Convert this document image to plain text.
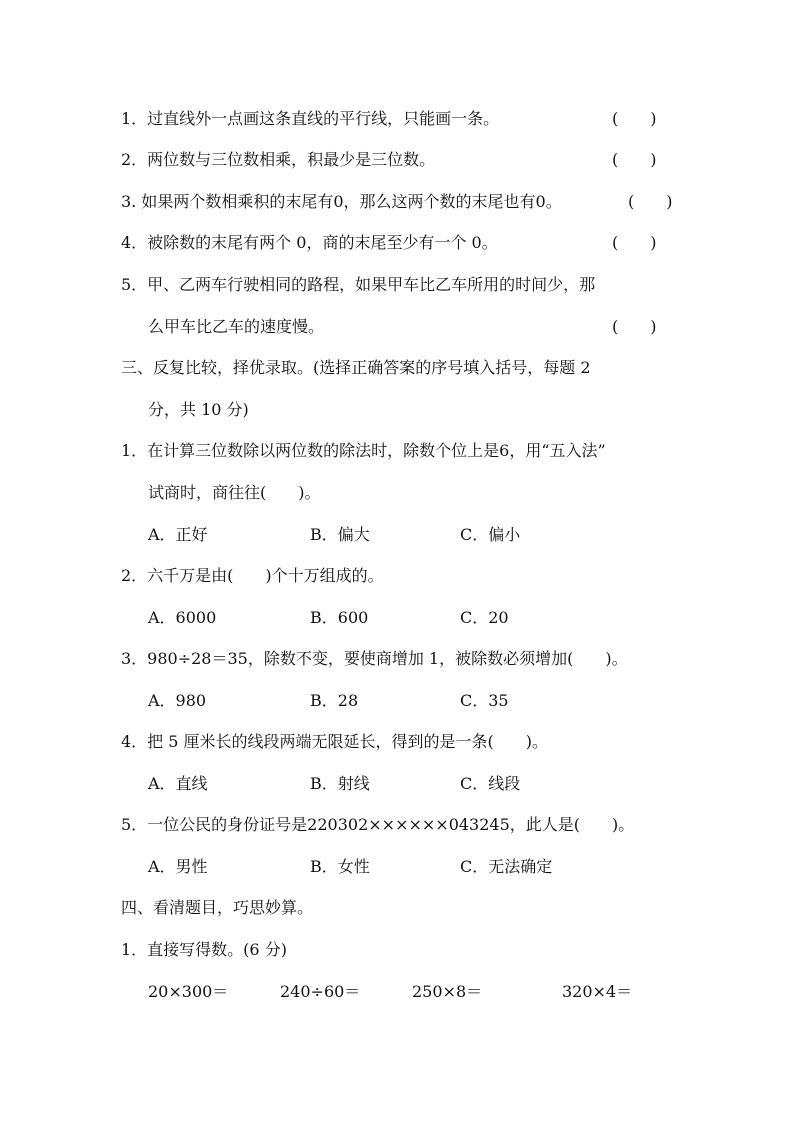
1．过直线外一点画这条直线的平行线，只能画一条。	(　　)
2．两位数与三位数相乘，积最少是三位数。	(　　)
3. 如果两个数相乘积的末尾有0，那么这两个数的末尾也有0。	(　　)
4．被除数的末尾有两个 0，商的末尾至少有一个 0。	(　　)
5．甲、乙两车行驶相同的路程，如果甲车比乙车所用的时间少，那
么甲车比乙车的速度慢。	(　　)
三、反复比较，择优录取。(选择正确答案的序号填入括号，每题 2
分，共 10 分)
1．在计算三位数除以两位数的除法时，除数个位上是6，用“五入法”
试商时，商往往(　　)。
A．正好	B．偏大	C．偏小
2．六千万是由(　　)个十万组成的。
A．6000	B．600	C．20
3．980÷28＝35，除数不变，要使商增加 1，被除数必须增加(　　)。
A．980	B．28	C．35
4．把 5 厘米长的线段两端无限延长，得到的是一条(　　)。
A．直线	B．射线	C．线段
5．一位公民的身份证号是220302××××××043245，此人是(　　)。
A．男性	B．女性	C．无法确定
四、看清题目，巧思妙算。
1．直接写得数。(6 分)
20×300＝	240÷60＝	250×8＝	320×4＝
